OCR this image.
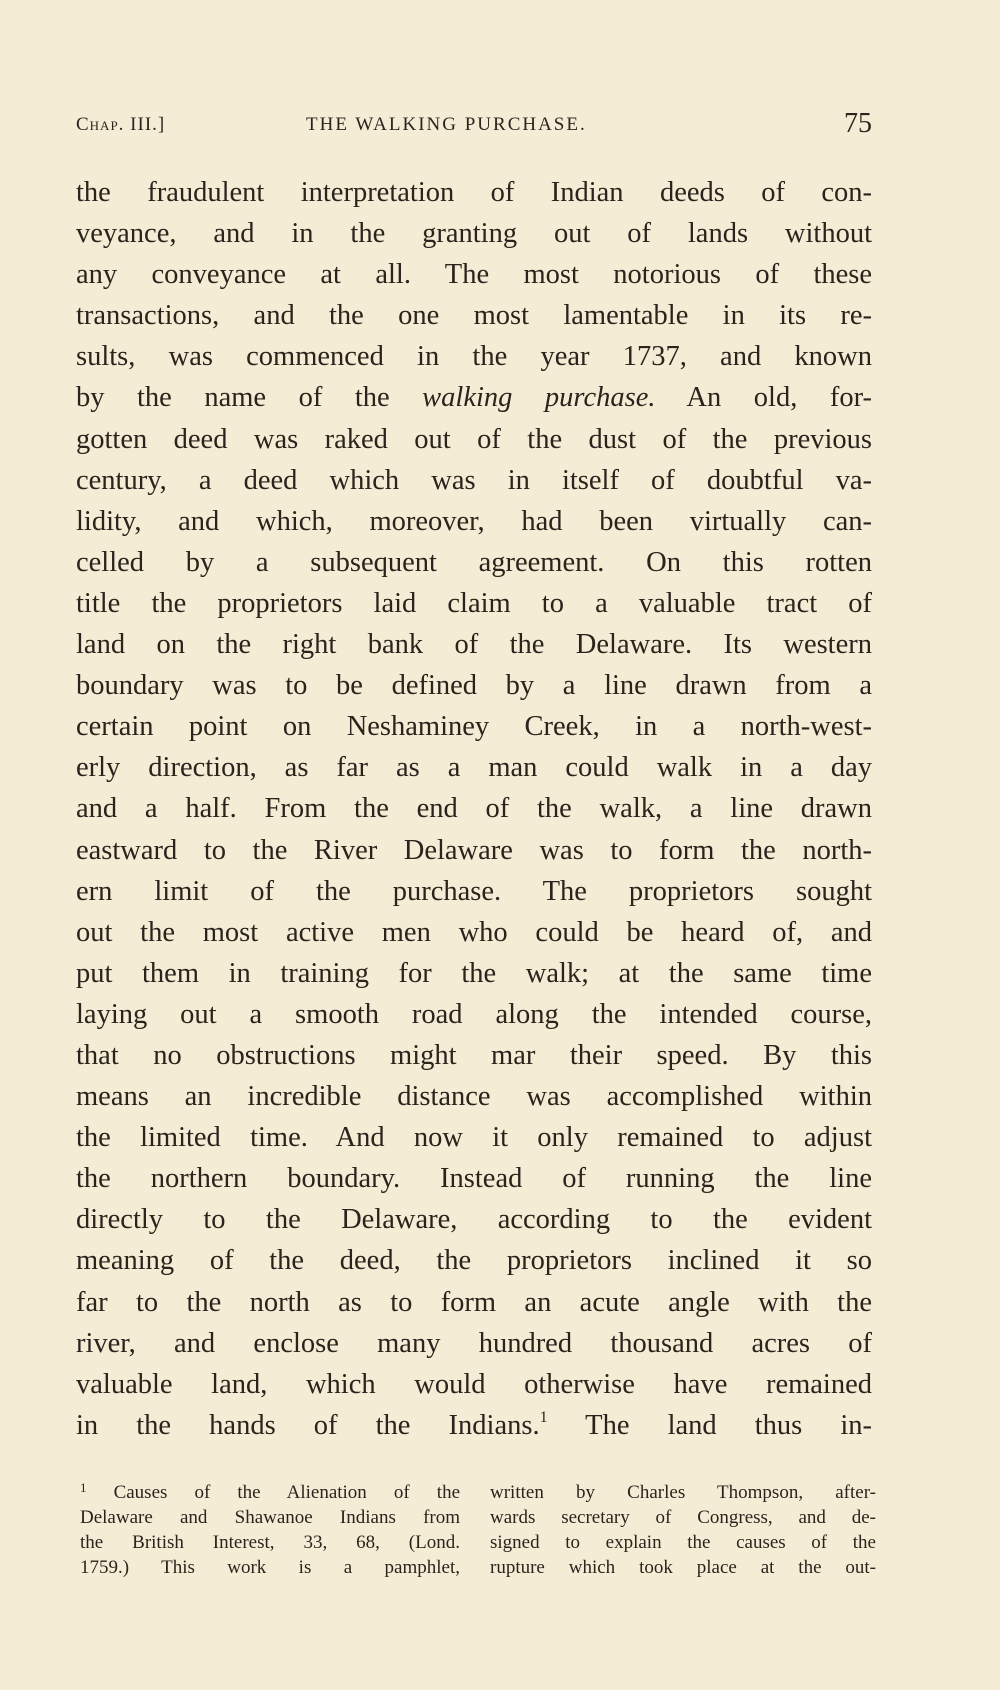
Chap. III.]	THE WALKING PURCHASE.	75
the fraudulent interpretation of Indian deeds of con-
veyance, and in the granting out of lands without
any conveyance at all. The most notorious of these
transactions, and the one most lamentable in its re-
sults, was commenced in the year 1737, and known
by the name of the walking purchase. An old, for-
gotten deed was raked out of the dust of the previous
century, a deed which was in itself of doubtful va-
lidity, and which, moreover, had been virtually can-
celled by a subsequent agreement. On this rotten
title the proprietors laid claim to a valuable tract of
land on the right bank of the Delaware. Its western
boundary was to be defined by a line drawn from a
certain point on Neshaminey Creek, in a north-west-
erly direction, as far as a man could walk in a day
and a half. From the end of the walk, a line drawn
eastward to the River Delaware was to form the north-
ern limit of the purchase. The proprietors sought
out the most active men who could be heard of, and
put them in training for the walk; at the same time
laying out a smooth road along the intended course,
that no obstructions might mar their speed. By this
means an incredible distance was accomplished within
the limited time. And now it only remained to adjust
the northern boundary. Instead of running the line
directly to the Delaware, according to the evident
meaning of the deed, the proprietors inclined it so
far to the north as to form an acute angle with the
river, and enclose many hundred thousand acres of
valuable land, which would otherwise have remained
in the hands of the Indians.$^1$ The land thus in-
$^1$ Causes of the Alienation of the
Delaware and Shawanoe Indians from
the British Interest, 33, 68, (Lond.
1759.) This work is a pamphlet,
written by Charles Thompson, after-
wards secretary of Congress, and de-
signed to explain the causes of the
rupture which took place at the out-
